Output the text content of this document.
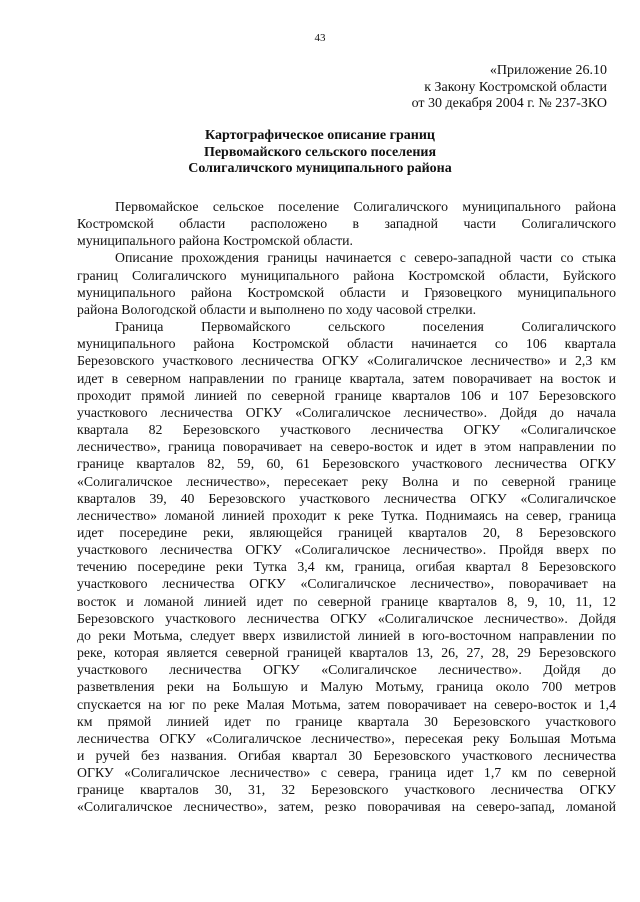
43
«Приложение 26.10
к Закону Костромской области
от 30 декабря 2004 г. № 237-ЗКО
Картографическое описание границ
Первомайского сельского поселения
Солигаличского муниципального района
Первомайское сельское поселение Солигаличского муниципального района
Костромской области расположено в западной части Солигаличского
муниципального района Костромской области.
Описание прохождения границы начинается с северо-западной части со стыка
границ Солигаличского муниципального района Костромской области, Буйского
муниципального района Костромской области и Грязовецкого муниципального
района Вологодской области и выполнено по ходу часовой стрелки.
Граница Первомайского сельского поселения Солигаличского
муниципального района Костромской области начинается со 106 квартала
Березовского участкового лесничества ОГКУ «Солигаличское лесничество» и 2,3 км
идет в северном направлении по границе квартала, затем поворачивает на восток и
проходит прямой линией по северной границе кварталов 106 и 107 Березовского
участкового лесничества ОГКУ «Солигаличское лесничество». Дойдя до начала
квартала 82 Березовского участкового лесничества ОГКУ «Солигаличское
лесничество», граница поворачивает на северо-восток и идет в этом направлении по
границе кварталов 82, 59, 60, 61 Березовского участкового лесничества ОГКУ
«Солигаличское лесничество», пересекает реку Волна и по северной границе
кварталов 39, 40 Березовского участкового лесничества ОГКУ «Солигаличское
лесничество» ломаной линией проходит к реке Тутка. Поднимаясь на север, граница
идет посередине реки, являющейся границей кварталов 20, 8 Березовского
участкового лесничества ОГКУ «Солигаличское лесничество». Пройдя вверх по
течению посередине реки Тутка 3,4 км, граница, огибая квартал 8 Березовского
участкового лесничества ОГКУ «Солигаличское лесничество», поворачивает на
восток и ломаной линией идет по северной границе кварталов 8, 9, 10, 11, 12
Березовского участкового лесничества ОГКУ «Солигаличское лесничество». Дойдя
до реки Мотьма, следует вверх извилистой линией в юго-восточном направлении по
реке, которая является северной границей кварталов 13, 26, 27, 28, 29 Березовского
участкового лесничества ОГКУ «Солигаличское лесничество». Дойдя до
разветвления реки на Большую и Малую Мотьму, граница около 700 метров
спускается на юг по реке Малая Мотьма, затем поворачивает на северо-восток и 1,4
км прямой линией идет по границе квартала 30 Березовского участкового
лесничества ОГКУ «Солигаличское лесничество», пересекая реку Большая Мотьма
и ручей без названия. Огибая квартал 30 Березовского участкового лесничества
ОГКУ «Солигаличское лесничество» с севера, граница идет 1,7 км по северной
границе кварталов 30, 31, 32 Березовского участкового лесничества ОГКУ
«Солигаличское лесничество», затем, резко поворачивая на северо-запад, ломаной
